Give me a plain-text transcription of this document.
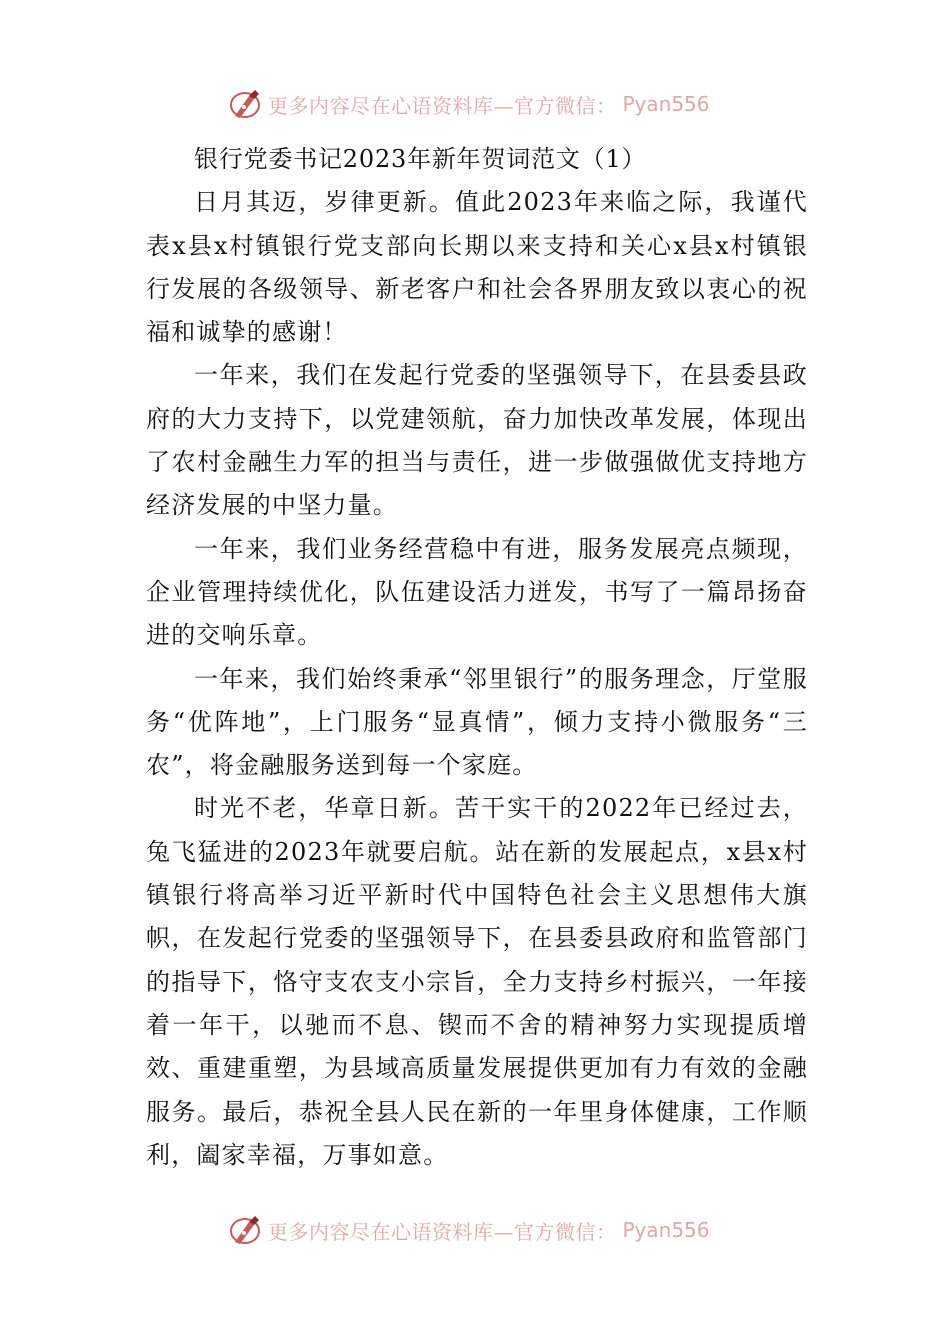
更多内容尽在心语资料库—官方微信： Pyan556

银行党委书记2023年新年贺词范文（1）

日月其迈，岁律更新。值此2023年来临之际，我谨代表x县x村镇银行党支部向长期以来支持和关心x县x村镇银行发展的各级领导、新老客户和社会各界朋友致以衷心的祝福和诚挚的感谢！

一年来，我们在发起行党委的坚强领导下，在县委县政府的大力支持下，以党建领航，奋力加快改革发展，体现出了农村金融生力军的担当与责任，进一步做强做优支持地方经济发展的中坚力量。

一年来，我们业务经营稳中有进，服务发展亮点频现，企业管理持续优化，队伍建设活力迸发，书写了一篇昂扬奋进的交响乐章。

一年来，我们始终秉承“邻里银行”的服务理念，厅堂服务“优阵地”，上门服务“显真情”，倾力支持小微服务“三农”，将金融服务送到每一个家庭。

时光不老，华章日新。苦干实干的2022年已经过去，兔飞猛进的2023年就要启航。站在新的发展起点，x县x村镇银行将高举习近平新时代中国特色社会主义思想伟大旗帜，在发起行党委的坚强领导下，在县委县政府和监管部门的指导下，恪守支农支小宗旨，全力支持乡村振兴，一年接着一年干，以驰而不息、锲而不舍的精神努力实现提质增效、重建重塑，为县域高质量发展提供更加有力有效的金融服务。最后，恭祝全县人民在新的一年里身体健康，工作顺利，阖家幸福，万事如意。

更多内容尽在心语资料库—官方微信： Pyan556
